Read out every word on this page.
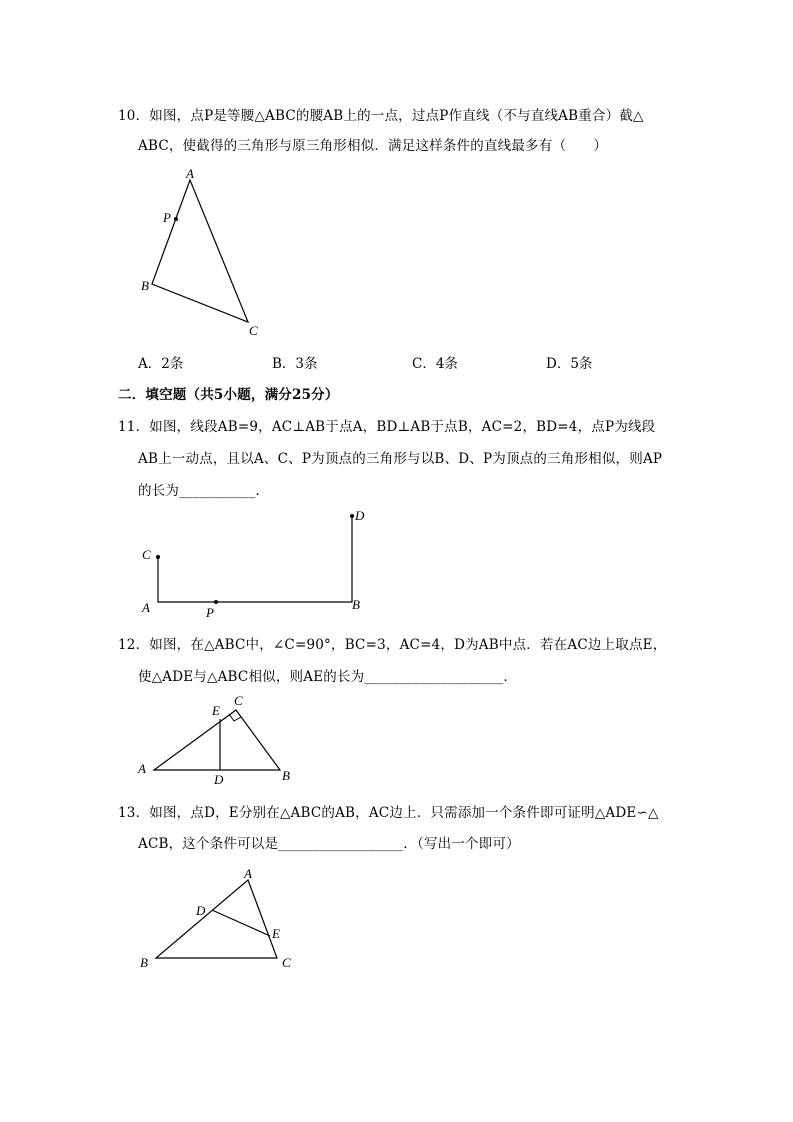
10．如图，点P是等腰△ABC的腰AB上的一点，过点P作直线（不与直线AB重合）截△
ABC，使截得的三角形与原三角形相似．满足这样条件的直线最多有（　　）
A
P
B
C
A．2条	B．3条	C．4条	D．5条
二．填空题（共5小题，满分25分）
11．如图，线段AB=9，AC⊥AB于点A，BD⊥AB于点B，AC=2，BD=4，点P为线段
AB上一动点，且以A、C、P为顶点的三角形与以B、D、P为顶点的三角形相似，则AP
的长为___________．
C
D
A	B
P
12．如图，在△ABC中，∠C=90°，BC=3，AC=4，D为AB中点．若在AC边上取点E，
使△ADE与△ABC相似，则AE的长为____________________．
C
E
A
D	B
13．如图，点D，E分别在△ABC的AB，AC边上．只需添加一个条件即可证明△ADE∽△
ACB，这个条件可以是__________________．（写出一个即可）
A
D
E
B	C
